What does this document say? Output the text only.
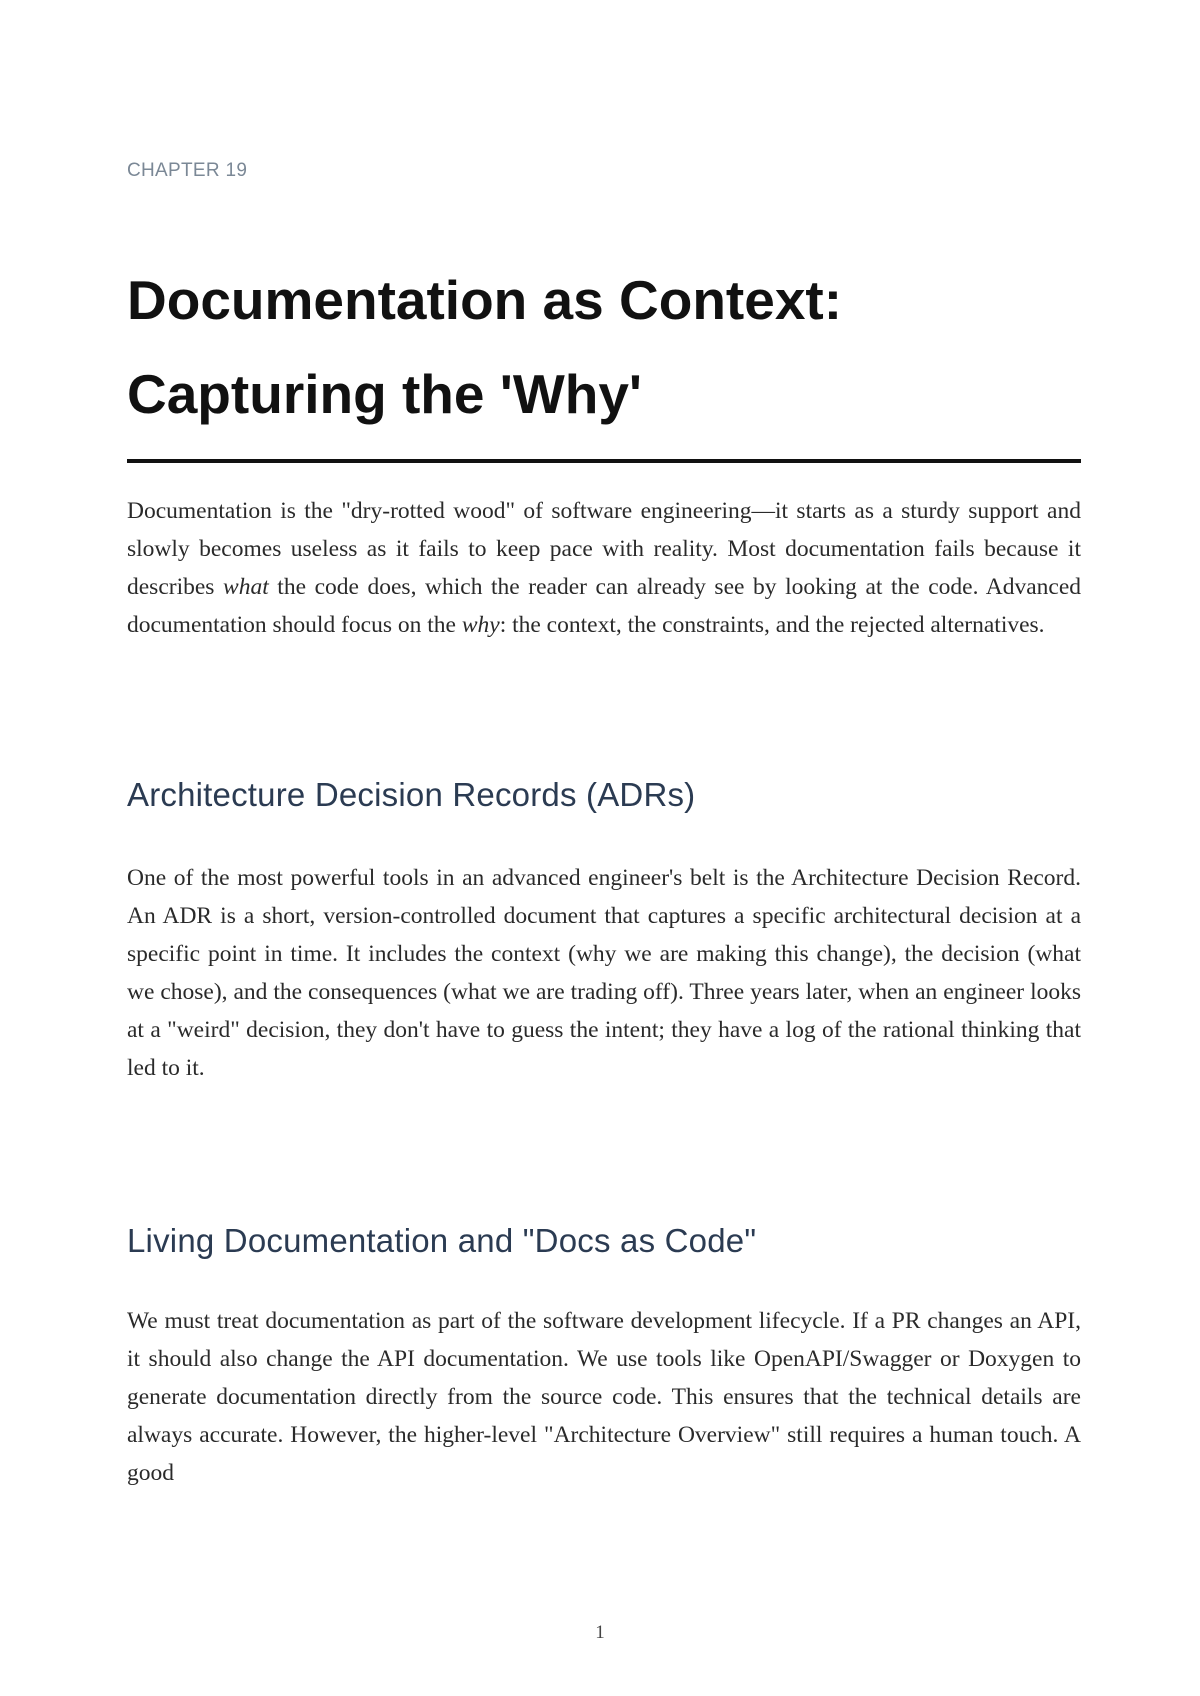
CHAPTER 19

Documentation as Context: Capturing the 'Why'

Documentation is the "dry-rotted wood" of software engineering—it starts as a sturdy support and slowly becomes useless as it fails to keep pace with reality. Most documentation fails because it describes what the code does, which the reader can already see by looking at the code. Advanced documentation should focus on the why: the context, the constraints, and the rejected alternatives.

Architecture Decision Records (ADRs)

One of the most powerful tools in an advanced engineer's belt is the Architecture Decision Record. An ADR is a short, version-controlled document that captures a specific architectural decision at a specific point in time. It includes the context (why we are making this change), the decision (what we chose), and the consequences (what we are trading off). Three years later, when an engineer looks at a "weird" decision, they don't have to guess the intent; they have a log of the rational thinking that led to it.

Living Documentation and "Docs as Code"

We must treat documentation as part of the software development lifecycle. If a PR changes an API, it should also change the API documentation. We use tools like OpenAPI/Swagger or Doxygen to generate documentation directly from the source code. This ensures that the technical details are always accurate. However, the higher-level "Architecture Overview" still requires a human touch. A good

1
